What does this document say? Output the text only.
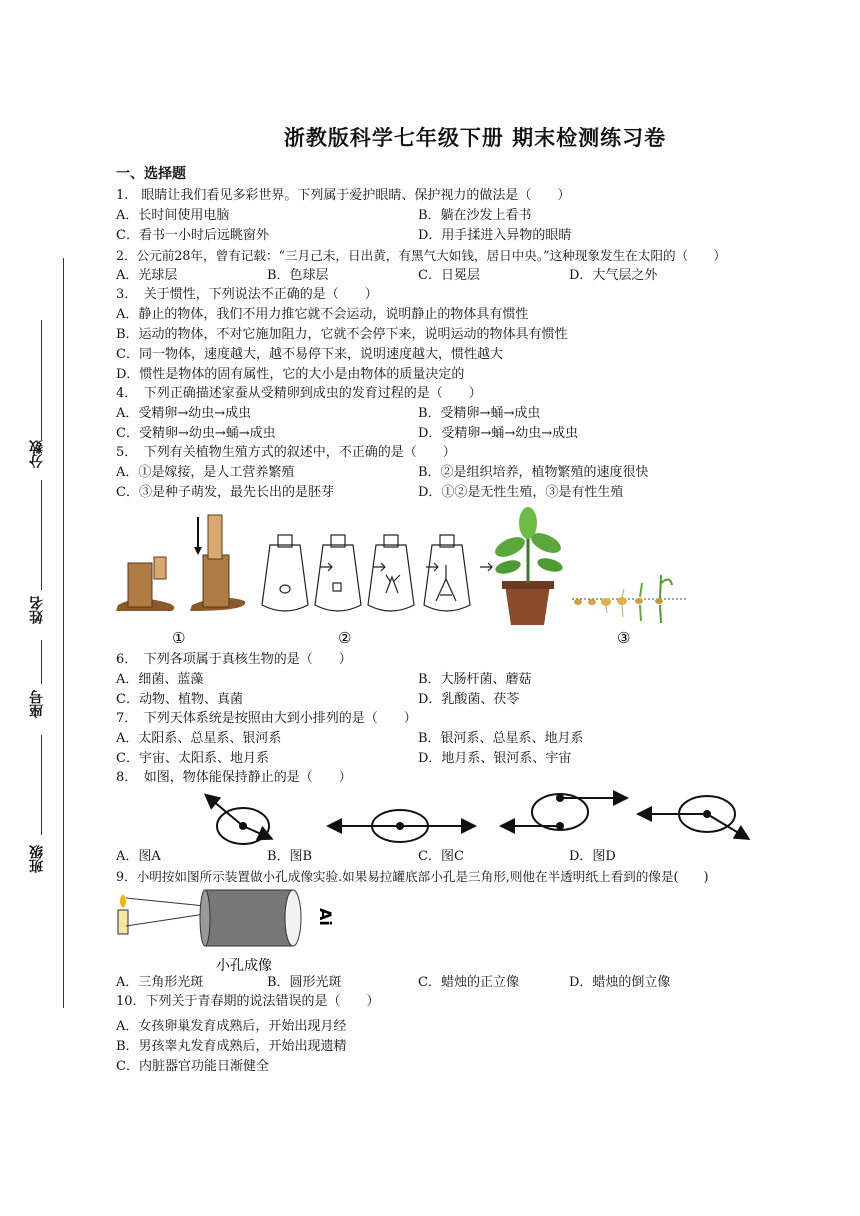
分数
姓名
座号
班级
浙教版科学七年级下册 期末检测练习卷
一、选择题
1.　眼睛让我们看见多彩世界。下列属于爱护眼睛、保护视力的做法是（　　）
A．长时间使用电脑	B．躺在沙发上看书
C．看书一小时后远眺窗外	D．用手揉进入异物的眼睛
2．公元前28年，曾有记载：“三月己未，日出黄，有黑气大如钱，居日中央。”这种现象发生在太阳的（　　）
A．光球层	B．色球层	C．日冕层	D．大气层之外
3．　关于惯性，下列说法不正确的是（　　）
A．静止的物体，我们不用力推它就不会运动，说明静止的物体具有惯性
B．运动的物体，不对它施加阻力，它就不会停下来，说明运动的物体具有惯性
C．同一物体，速度越大，越不易停下来，说明速度越大，惯性越大
D．惯性是物体的固有属性，它的大小是由物体的质量决定的
4．　下列正确描述家蚕从受精卵到成虫的发育过程的是（　　）
A．受精卵→幼虫→成虫	B．受精卵→蛹→成虫
C．受精卵→幼虫→蛹→成虫	D．受精卵→蛹→幼虫→成虫
5．　下列有关植物生殖方式的叙述中，不正确的是（　　）
A．①是嫁接，是人工营养繁殖	B．②是组织培养，植物繁殖的速度很快
C．③是种子萌发，最先长出的是胚芽	D．①②是无性生殖，③是有性生殖
①	②	③
6．　下列各项属于真核生物的是（　　）
A．细菌、蓝藻	B．大肠杆菌、蘑菇
C．动物、植物、真菌	D．乳酸菌、茯苓
7．　下列天体系统是按照由大到小排列的是（　　）
A．太阳系、总星系、银河系	B．银河系、总星系、地月系
C．宇宙、太阳系、地月系	D．地月系、银河系、宇宙
8．　如图，物体能保持静止的是（　　）
A．图A	B．图B	C．图C	D．图D
9．小明按如图所示装置做小孔成像实验.如果易拉罐底部小孔是三角形,则他在半透明纸上看到的像是(　　)
Ai
小孔成像
A．三角形光斑	B．圆形光斑	C．蜡烛的正立像	D．蜡烛的倒立像
10．下列关于青春期的说法错误的是（　　）
A．女孩卵巢发育成熟后，开始出现月经
B．男孩睾丸发育成熟后，开始出现遗精
C．内脏器官功能日渐健全
